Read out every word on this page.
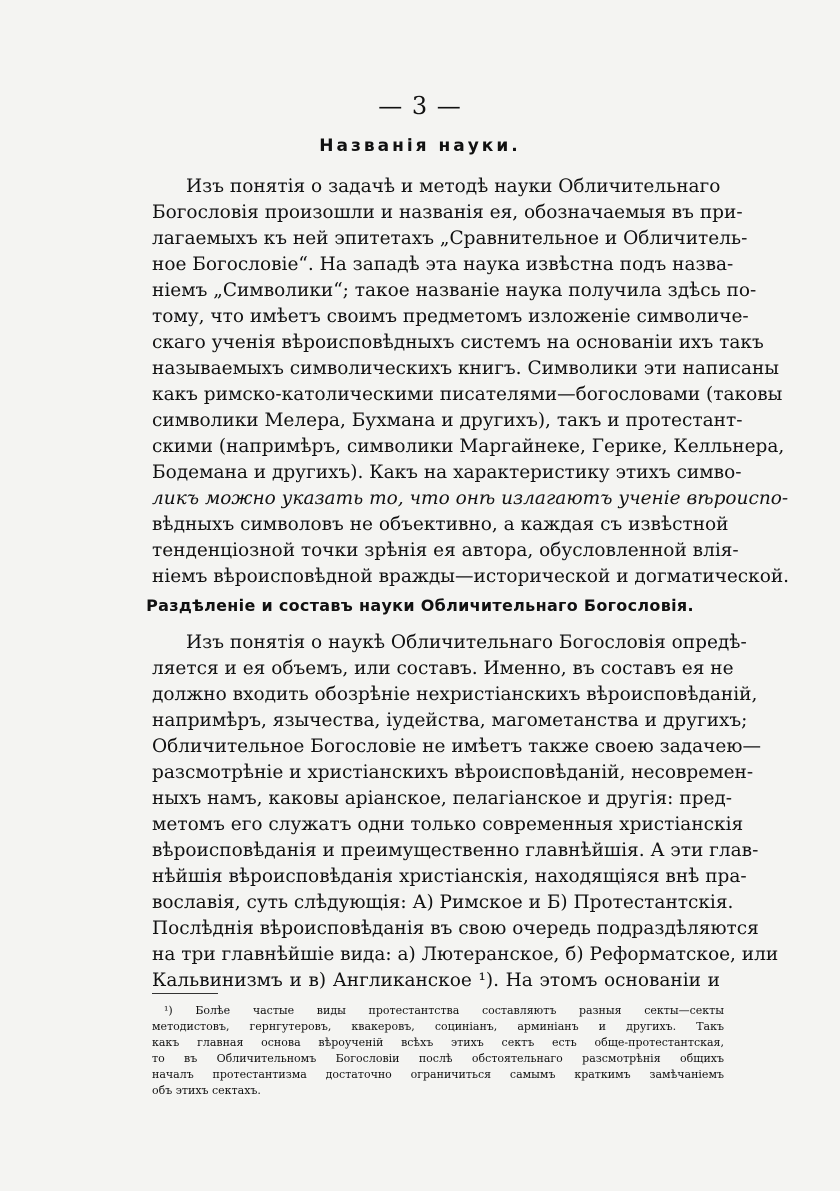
— 3 —
Названія науки.
Изъ понятія о задачѣ и методѣ науки Обличительнаго
Богословія произошли и названія ея, обозначаемыя въ при-
лагаемыхъ къ ней эпитетахъ „Сравнительное и Обличитель-
ное Богословіе“. На западѣ эта наука извѣстна подъ назва-
ніемъ „Символики“; такое названіе наука получила здѣсь по-
тому, что имѣетъ своимъ предметомъ изложеніе символиче-
скаго ученія вѣроисповѣдныхъ системъ на основаніи ихъ такъ
называемыхъ символическихъ книгъ. Символики эти написаны
какъ римско-католическими писателями—богословами (таковы
символики Мелера, Бухмана и другихъ), такъ и протестант-
скими (напримѣръ, символики Маргайнеке, Герике, Келльнера,
Бодемана и другихъ). Какъ на характеристику этихъ симво-
ликъ можно указать то, что онѣ излагаютъ ученіе вѣроиспо-
вѣдныхъ символовъ не объективно, а каждая съ извѣстной
тенденціозной точки зрѣнія ея автора, обусловленной влія-
ніемъ вѣроисповѣдной вражды—исторической и догматической.
Раздѣленіе и составъ науки Обличительнаго Богословія.
Изъ понятія о наукѣ Обличительнаго Богословія опредѣ-
ляется и ея объемъ, или составъ. Именно, въ составъ ея не
должно входить обозрѣніе нехристіанскихъ вѣроисповѣданій,
напримѣръ, язычества, іудейства, магометанства и другихъ;
Обличительное Богословіе не имѣетъ также своею задачею—
разсмотрѣніе и христіанскихъ вѣроисповѣданій, несовремен-
ныхъ намъ, каковы аріанское, пелагіанское и другія: пред-
метомъ его служатъ одни только современныя христіанскія
вѣроисповѣданія и преимущественно главнѣйшія. А эти глав-
нѣйшія вѣроисповѣданія христіанскія, находящіяся внѣ пра-
вославія, суть слѣдующія: А) Римское и Б) Протестантскія.
Послѣднія вѣроисповѣданія въ свою очередь подраздѣляются
на три главнѣйшіе вида: а) Лютеранское, б) Реформатское, или
Кальвинизмъ и в) Англиканское ¹). На этомъ основаніи и
¹) Болѣе частые виды протестантства составляютъ разныя секты—секты
методистовъ, гернгутеровъ, квакеровъ, социніанъ, арминіанъ и другихъ. Такъ
какъ главная основа вѣроученій всѣхъ этихъ сектъ есть обще-протестантская,
то въ Обличительномъ Богословіи послѣ обстоятельнаго разсмотрѣнія общихъ
началъ протестантизма достаточно ограничиться самымъ краткимъ замѣчаніемъ
объ этихъ сектахъ.
